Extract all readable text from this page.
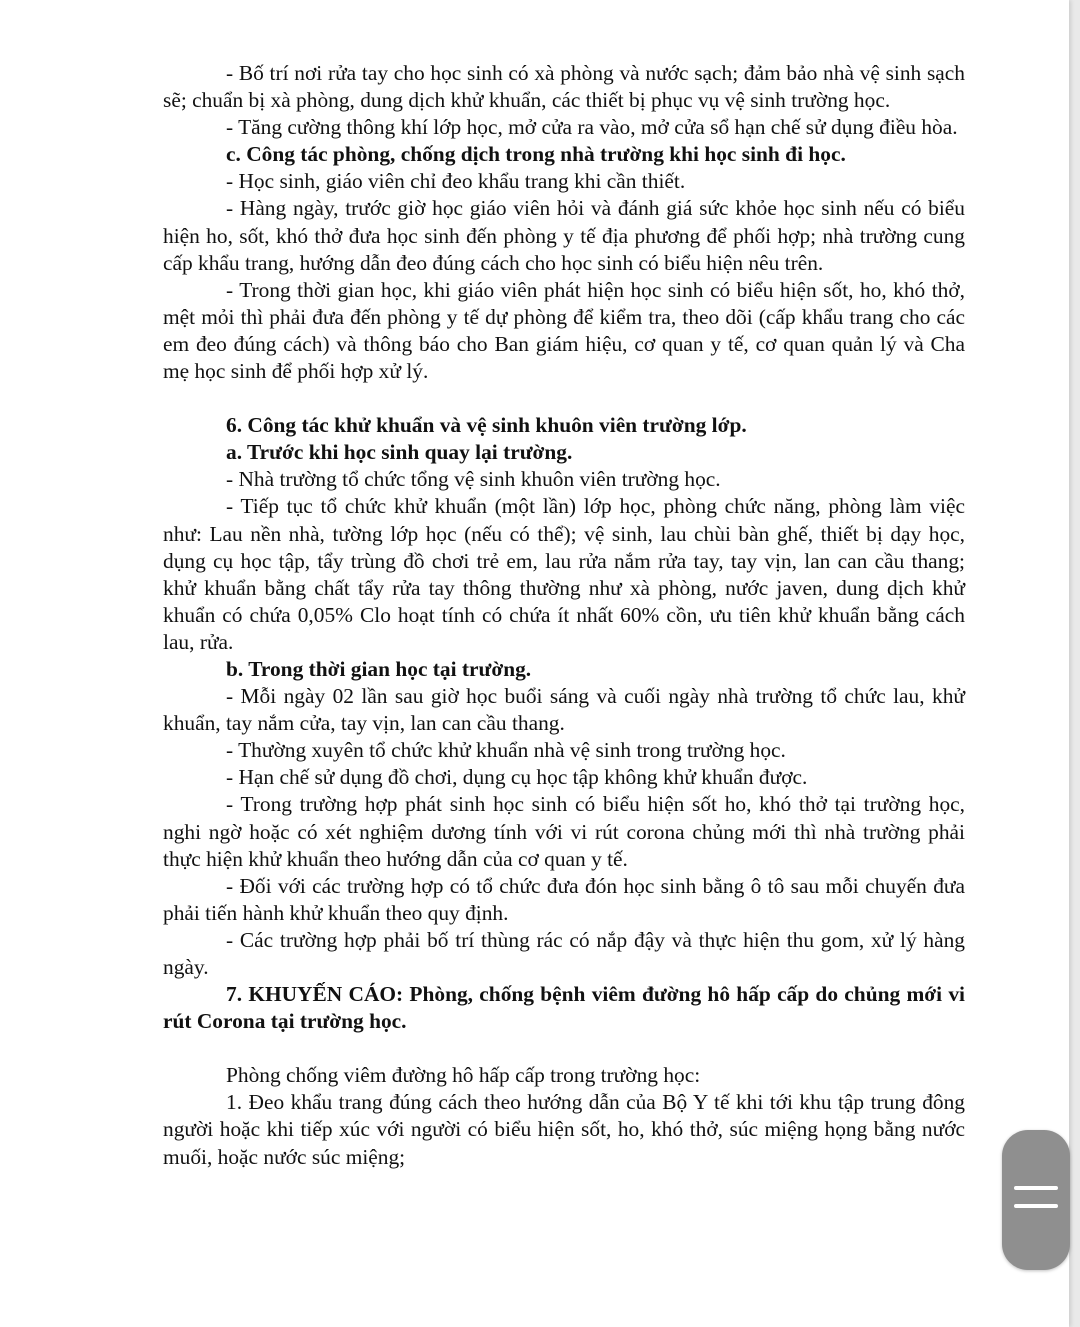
- Bố trí nơi rửa tay cho học sinh có xà phòng và nước sạch; đảm bảo nhà vệ sinh sạch sẽ; chuẩn bị xà phòng, dung dịch khử khuẩn, các thiết bị phục vụ vệ sinh trường học.

- Tăng cường thông khí lớp học, mở cửa ra vào, mở cửa sổ hạn chế sử dụng điều hòa.

c. Công tác phòng, chống dịch trong nhà trường khi học sinh đi học.

- Học sinh, giáo viên chỉ đeo khẩu trang khi cần thiết.

- Hàng ngày, trước giờ học giáo viên hỏi và đánh giá sức khỏe học sinh nếu có biểu hiện ho, sốt, khó thở đưa học sinh đến phòng y tế địa phương để phối hợp; nhà trường cung cấp khẩu trang, hướng dẫn đeo đúng cách cho học sinh có biểu hiện nêu trên.

- Trong thời gian học, khi giáo viên phát hiện học sinh có biểu hiện sốt, ho, khó thở, mệt mỏi thì phải đưa đến phòng y tế dự phòng để kiểm tra, theo dõi (cấp khẩu trang cho các em đeo đúng cách) và thông báo cho Ban giám hiệu, cơ quan y tế, cơ quan quản lý và Cha mẹ học sinh để phối hợp xử lý.

6. Công tác khử khuẩn và vệ sinh khuôn viên trường lớp.

a. Trước khi học sinh quay lại trường.

- Nhà trường tổ chức tổng vệ sinh khuôn viên trường học.

- Tiếp tục tổ chức khử khuẩn (một lần) lớp học, phòng chức năng, phòng làm việc như: Lau nền nhà, tường lớp học (nếu có thể); vệ sinh, lau chùi bàn ghế, thiết bị dạy học, dụng cụ học tập, tẩy trùng đồ chơi trẻ em, lau rửa nắm rửa tay, tay vịn, lan can cầu thang; khử khuẩn bằng chất tẩy rửa tay thông thường như xà phòng, nước javen, dung dịch khử khuẩn có chứa 0,05% Clo hoạt tính có chứa ít nhất 60% cồn, ưu tiên khử khuẩn bằng cách lau, rửa.

b. Trong thời gian học tại trường.

- Mỗi ngày 02 lần sau giờ học buổi sáng và cuối ngày nhà trường tổ chức lau, khử khuẩn, tay nắm cửa, tay vịn, lan can cầu thang.

- Thường xuyên tổ chức khử khuẩn nhà vệ sinh trong trường học.

- Hạn chế sử dụng đồ chơi, dụng cụ học tập không khử khuẩn được.

- Trong trường hợp phát sinh học sinh có biểu hiện sốt ho, khó thở tại trường học, nghi ngờ hoặc có xét nghiệm dương tính với vi rút corona chủng mới thì nhà trường phải thực hiện khử khuẩn theo hướng dẫn của cơ quan y tế.

- Đối với các trường hợp có tổ chức đưa đón học sinh bằng ô tô sau mỗi chuyến đưa phải tiến hành khử khuẩn theo quy định.

- Các trường hợp phải bố trí thùng rác có nắp đậy và thực hiện thu gom, xử lý hàng ngày.

7. KHUYẾN CÁO: Phòng, chống bệnh viêm đường hô hấp cấp do chủng mới vi rút Corona tại trường học.

Phòng chống viêm đường hô hấp cấp trong trường học:

1. Đeo khẩu trang đúng cách theo hướng dẫn của Bộ Y tế khi tới khu tập trung đông người hoặc khi tiếp xúc với người có biểu hiện sốt, ho, khó thở, súc miệng họng bằng nước muối, hoặc nước súc miệng;
